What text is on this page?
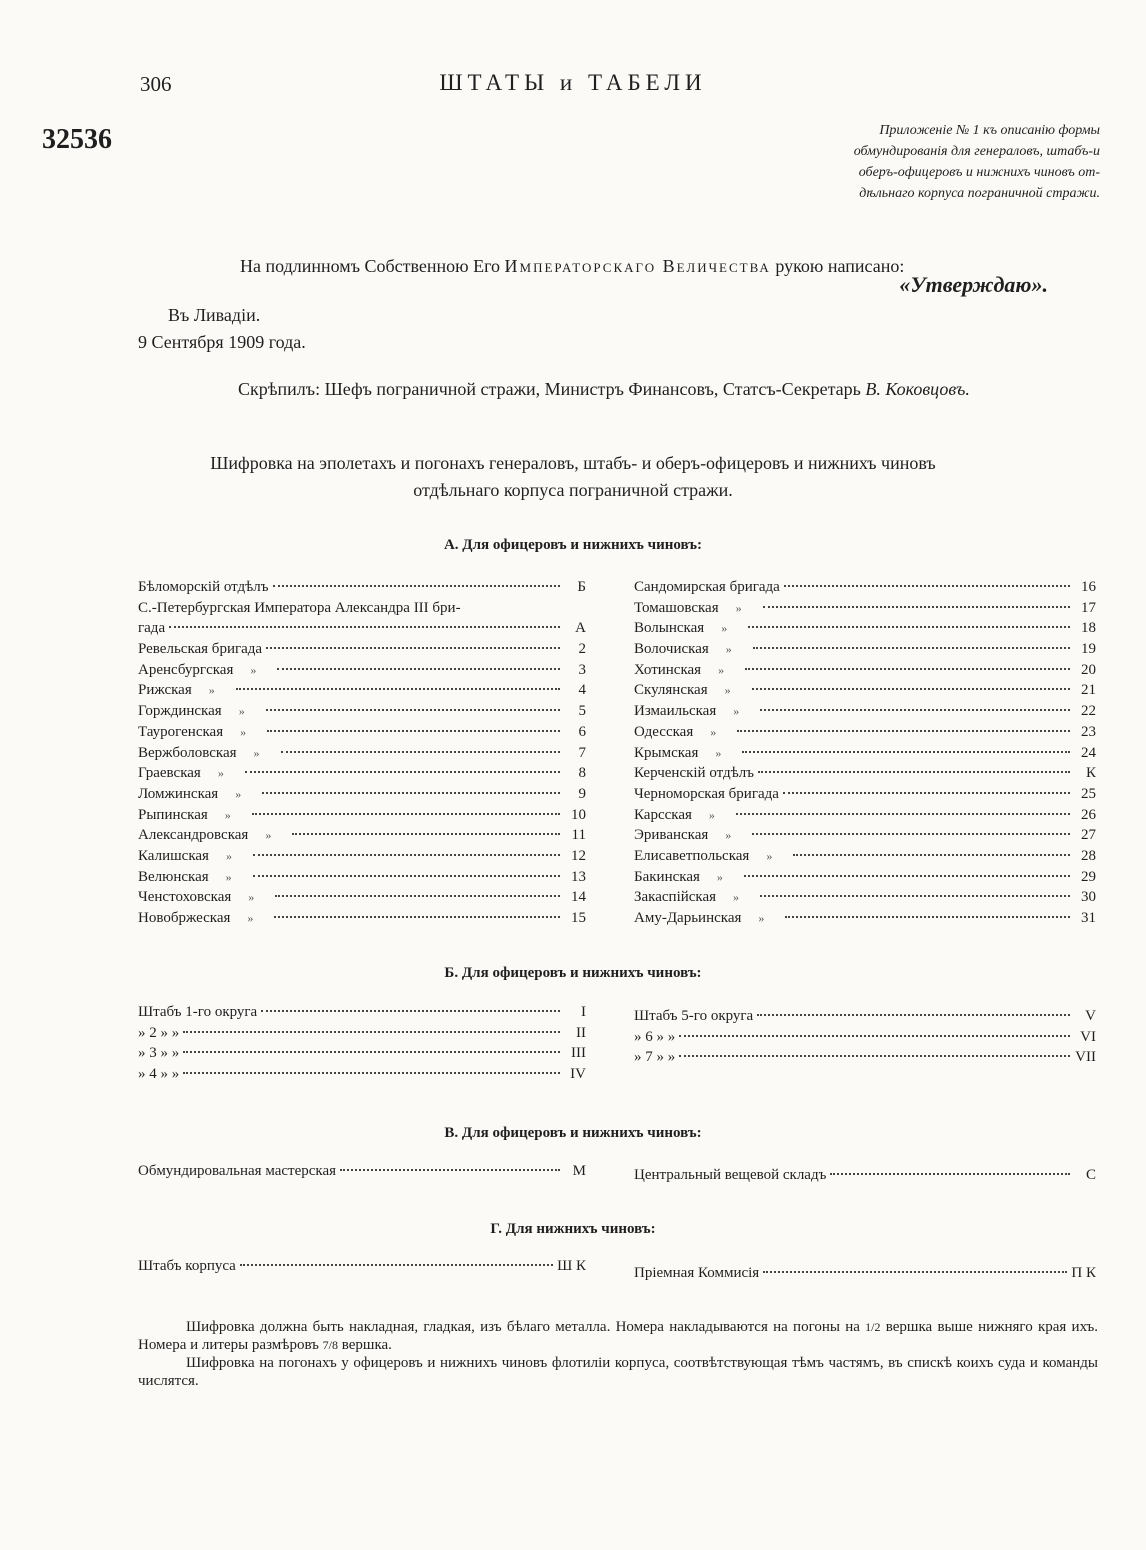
306	ШТАТЫ и ТАБЕЛИ
32536	Приложеніе № 1 къ описанію формы
обмундированія для генераловъ, штабъ-и
оберъ-офицеровъ и нижнихъ чиновъ от-
дѣльнаго корпуса пограничной стражи.
На подлинномъ Собственною Его Императорскаго Величества рукою написано:
«Утверждаю».
Въ Ливадіи.
9 Сентября 1909 года.
Скрѣпилъ: Шефъ пограничной стражи, Министръ Финансовъ, Статсъ-Секретарь В. Коковцовъ.
Шифровка на эполетахъ и погонахъ генераловъ, штабъ- и оберъ-офицеровъ и нижнихъ чиновъ
отдѣльнаго корпуса пограничной стражи.
А. Для офицеровъ и нижнихъ чиновъ:
Бѣломорскій отдѣлъ	Б
С.-Петербургская Императора Александра III бри-
гада	А
Ревельская бригада	2
Аренсбургская	»	3
Рижская	»	4
Горждинская	»	5
Таурогенская	»	6
Вержболовская	»	7
Граевская	»	8
Ломжинская	»	9
Рыпинская	»	10
Александровская	»	11
Калишская	»	12
Велюнская	»	13
Ченстоховская	»	14
Новобржеская	»	15
Сандомирская бригада	16
Томашовская	»	17
Волынская	»	18
Волочиская	»	19
Хотинская	»	20
Скулянская	»	21
Измаильская	»	22
Одесская	»	23
Крымская	»	24
Керченскій отдѣлъ	К
Черноморская бригада	25
Карсская	»	26
Эриванская	»	27
Елисаветпольская	»	28
Бакинская	»	29
Закаспійская	»	30
Аму-Дарьинская	»	31
Б. Для офицеровъ и нижнихъ чиновъ:
Штабъ 1-го округа	I
» 2 » »	II
» 3 » »	III
» 4 » »	IV
Штабъ 5-го округа	V
» 6 » »	VI
» 7 » »	VII
В. Для офицеровъ и нижнихъ чиновъ:
Обмундировальная мастерская	М	Центральный вещевой складъ	С
Г. Для нижнихъ чиновъ:
Штабъ корпуса	Ш К	Пріемная Коммисія	П К

Шифровка должна быть накладная, гладкая, изъ бѣлаго металла. Номера накладываются на погоны на 1/2 вершка выше нижняго края ихъ. Номера и литеры размѣровъ 7/8 вершка.

Шифровка на погонахъ у офицеровъ и нижнихъ чиновъ флотиліи корпуса, соотвѣтствующая тѣмъ частямъ, въ спискѣ коихъ суда и команды числятся.
